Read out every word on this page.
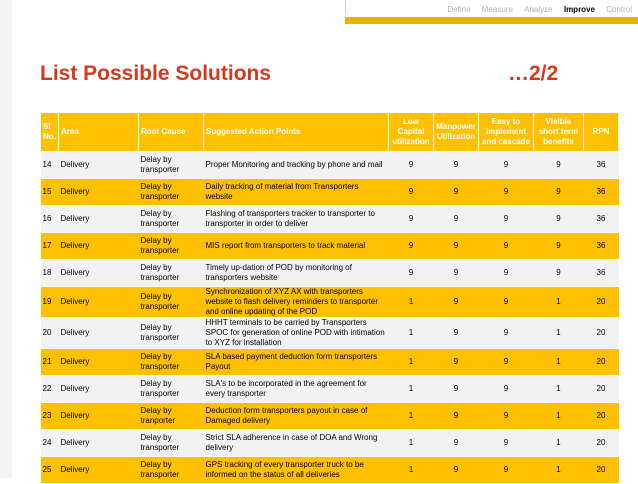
Define Measure Analyze Improve Control
List Possible Solutions	…2/2
Sl No.	Area	Root Cause	Suggested Action Points	Low Capital utilization	Manpower Utilization	Easy to implement and cascade	Visible short term benefits	RPN
14	Delivery	Delay by transporter	Proper Monitoring and tracking by phone and mail	9	9	9	9	36
15	Delivery	Delay by transporter	Daily tracking of material from Transporters website	9	9	9	9	36
16	Delivery	Delay by transporter	Flashing of transporters tracker to transporter to transporter in order to deliver	9	9	9	9	36
17	Delivery	Delay by transporter	MIS report from transporters to track material	9	9	9	9	36
18	Delivery	Delay by transporter	Timely up-dation of POD by monitoring of transporters website	9	9	9	9	36
19	Delivery	Delay by transporter	Synchronization of XYZ AX with transporters website to flash delivery reminders to transporter and online updating of the POD	1	9	9	1	20
20	Delivery	Delay by transporter	HHHT terminals to be carried by Transporters SPOC for generation of online POD with intimation to XYZ for installation	1	9	9	1	20
21	Delivery	Delay by transporter	SLA based payment deduction form transporters Payout	1	9	9	1	20
22	Delivery	Delay by transporter	SLA's to be incorporated in the agreement for every transporter	1	9	9	1	20
23	Delivery	Delay by tranporter	Deduction form transporters payout in case of Damaged delivery	1	9	9	1	20
24	Delivery	Delay by transporter	Strict SLA adherence in case of DOA and Wrong delivery	1	9	9	1	20
25	Delivery	Delay by transporter	GPS tracking of every transporter truck to be informed on the status of all deliveries	1	9	9	1	20
